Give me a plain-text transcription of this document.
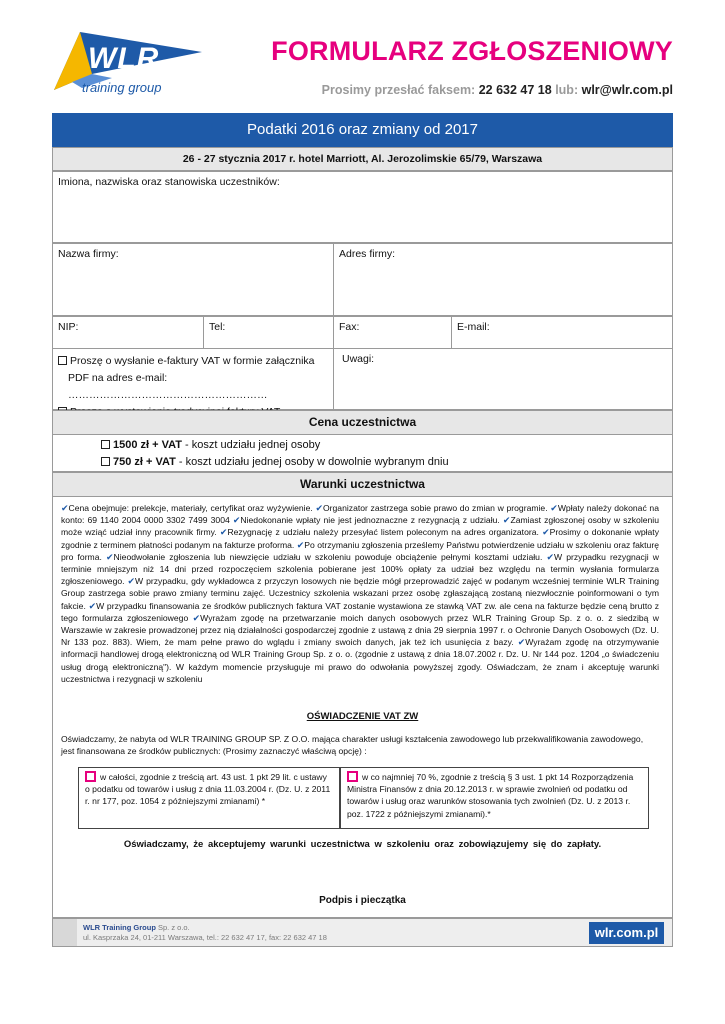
WLR
training group
FORMULARZ ZGŁOSZENIOWY
Prosimy przesłać faksem: 22 632 47 18 lub: wlr@wlr.com.pl
Podatki 2016 oraz zmiany od 2017
26 - 27 stycznia 2017 r. hotel Marriott, Al. Jerozolimskie 65/79, Warszawa
Imiona, nazwiska oraz stanowiska uczestników:
Nazwa firmy:	Adres firmy:
NIP:	Tel:	Fax:	E-mail:
Proszę o wysłanie e-faktury VAT w formie załącznika
PDF na adres e-mail: …………………………………………………
Uwagi:
Cena uczestnictwa
1500 zł + VAT - koszt udziału jednej osoby
750 zł + VAT - koszt udziału jednej osoby w dowolnie wybranym dniu
Warunki uczestnictwa
✔Cena obejmuje: prelekcje, materiały, certyfikat oraz wyżywienie. ✔Organizator zastrzega sobie prawo do zmian w programie. ✔Wpłaty należy dokonać na konto: 69 1140 2004 0000 3302 7499 3004 ✔Niedokonanie wpłaty nie jest jednoznaczne z rezygnacją z udziału. ✔Zamiast zgłoszonej osoby w szkoleniu może wziąć udział inny pracownik firmy. ✔Rezygnację z udziału należy przesyłać listem poleconym na adres organizatora. ✔Prosimy o dokonanie wpłaty zgodnie z terminem płatności podanym na fakturze proforma. ✔Po otrzymaniu zgłoszenia prześlemy Państwu potwierdzenie udziału w szkoleniu oraz fakturę pro forma. ✔Nieodwołanie zgłoszenia lub niewzięcie udziału w szkoleniu powoduje obciążenie pełnymi kosztami udziału. ✔W przypadku rezygnacji w terminie mniejszym niż 14 dni przed rozpoczęciem szkolenia pobierane jest 100% opłaty za udział bez względu na termin wysłania formularza zgłoszeniowego. ✔W przypadku, gdy wykładowca z przyczyn losowych nie będzie mógł przeprowadzić zajęć w podanym wcześniej terminie WLR Training Group zastrzega sobie prawo zmiany terminu zajęć. Uczestnicy szkolenia wskazani przez osobę zgłaszającą zostaną niezwłocznie poinformowani o tym fakcie. ✔W przypadku finansowania ze środków publicznych faktura VAT zostanie wystawiona ze stawką VAT zw. ale cena na fakturze będzie ceną brutto z tego formularza zgłoszeniowego ✔Wyrażam zgodę na przetwarzanie moich danych osobowych przez WLR Training Group Sp. z o. o. z siedzibą w Warszawie w zakresie prowadzonej przez nią działalności gospodarczej zgodnie z ustawą z dnia 29 sierpnia 1997 r. o Ochronie Danych Osobowych (Dz. U. Nr 133 poz. 883). Wiem, że mam pełne prawo do wglądu i zmiany swoich danych, jak też ich usunięcia z bazy. ✔Wyrażam zgodę na otrzymywanie informacji handlowej drogą elektroniczną od WLR Training Group Sp. z o. o. (zgodnie z ustawą z dnia 18.07.2002 r. Dz. U. Nr 144 poz. 1204 „o świadczeniu usług drogą elektroniczną"). W każdym momencie przysługuje mi prawo do odwołania powyższej zgody. Oświadczam, że znam i akceptuję warunki uczestnictwa i rezygnacji w szkoleniu
OŚWIADCZENIE VAT ZW
Oświadczamy, że nabyta od WLR TRAINING GROUP SP. Z O.O. mająca charakter usługi kształcenia zawodowego lub przekwalifikowania zawodowego, jest finansowana ze środków publicznych: (Prosimy zaznaczyć właściwą opcję) :
w całości, zgodnie z treścią art. 43 ust. 1 pkt 29 lit. c ustawy o podatku od towarów i usług z dnia 11.03.2004 r. (Dz. U. z 2011 r. nr 177, poz. 1054 z późniejszymi zmianami) *
w co najmniej 70 %, zgodnie z treścią § 3 ust. 1 pkt 14 Rozporządzenia Ministra Finansów z dnia 20.12.2013 r. w sprawie zwolnień od podatku od towarów i usług oraz warunków stosowania tych zwolnień (Dz. U. z 2013 r. poz. 1722 z późniejszymi zmianami).*
Oświadczamy, że akceptujemy warunki uczestnictwa w szkoleniu oraz zobowiązujemy się do zapłaty.
Podpis i pieczątka
WLR Training Group Sp. z o.o.
ul. Kasprzaka 24, 01-211 Warszawa, tel.: 22 632 47 17, fax: 22 632 47 18	wlr.com.pl
